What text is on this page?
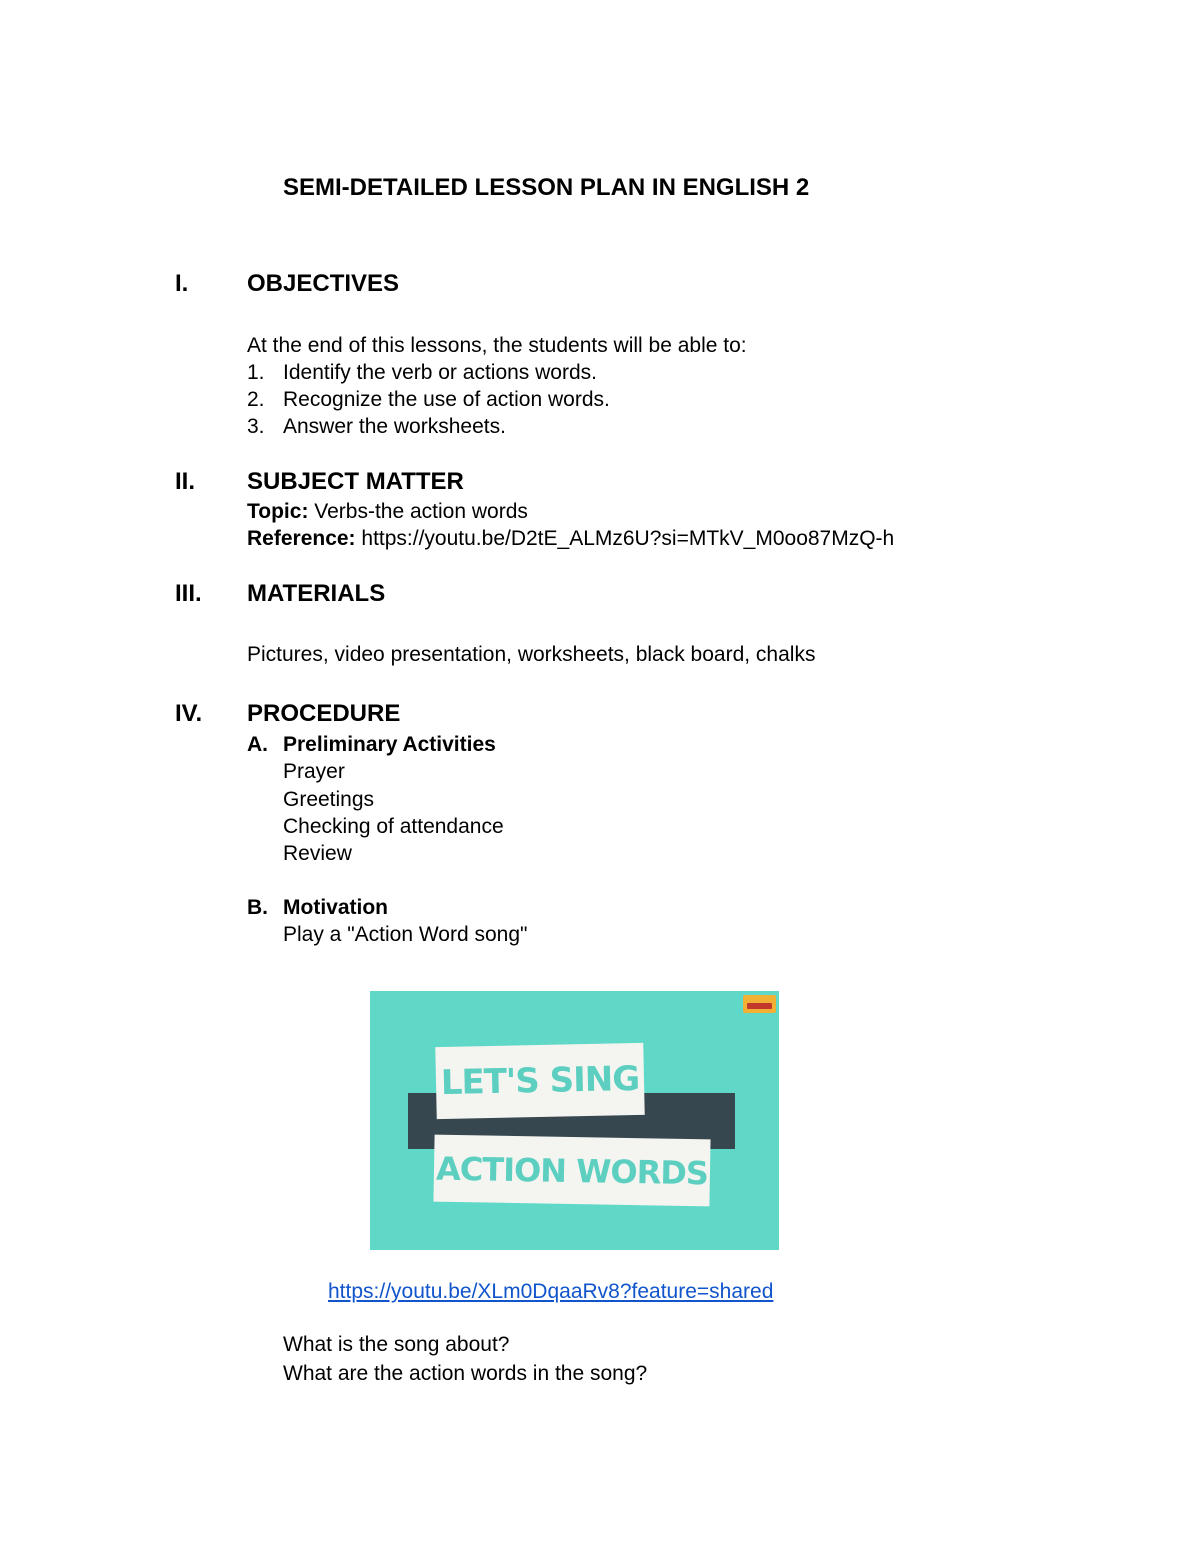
SEMI-DETAILED LESSON PLAN IN ENGLISH 2
I. OBJECTIVES
At the end of this lessons, the students will be able to:
1. Identify the verb or actions words.
2. Recognize the use of action words.
3. Answer the worksheets.
II. SUBJECT MATTER
Topic: Verbs-the action words
Reference: https://youtu.be/D2tE_ALMz6U?si=MTkV_M0oo87MzQ-h
III. MATERIALS
Pictures, video presentation, worksheets, black board, chalks
IV. PROCEDURE
A. Preliminary Activities
Prayer
Greetings
Checking of attendance
Review
B. Motivation
Play a "Action Word song"
LET'S SING
ACTION WORDS
https://youtu.be/XLm0DqaaRv8?feature=shared
What is the song about?
What are the action words in the song?
